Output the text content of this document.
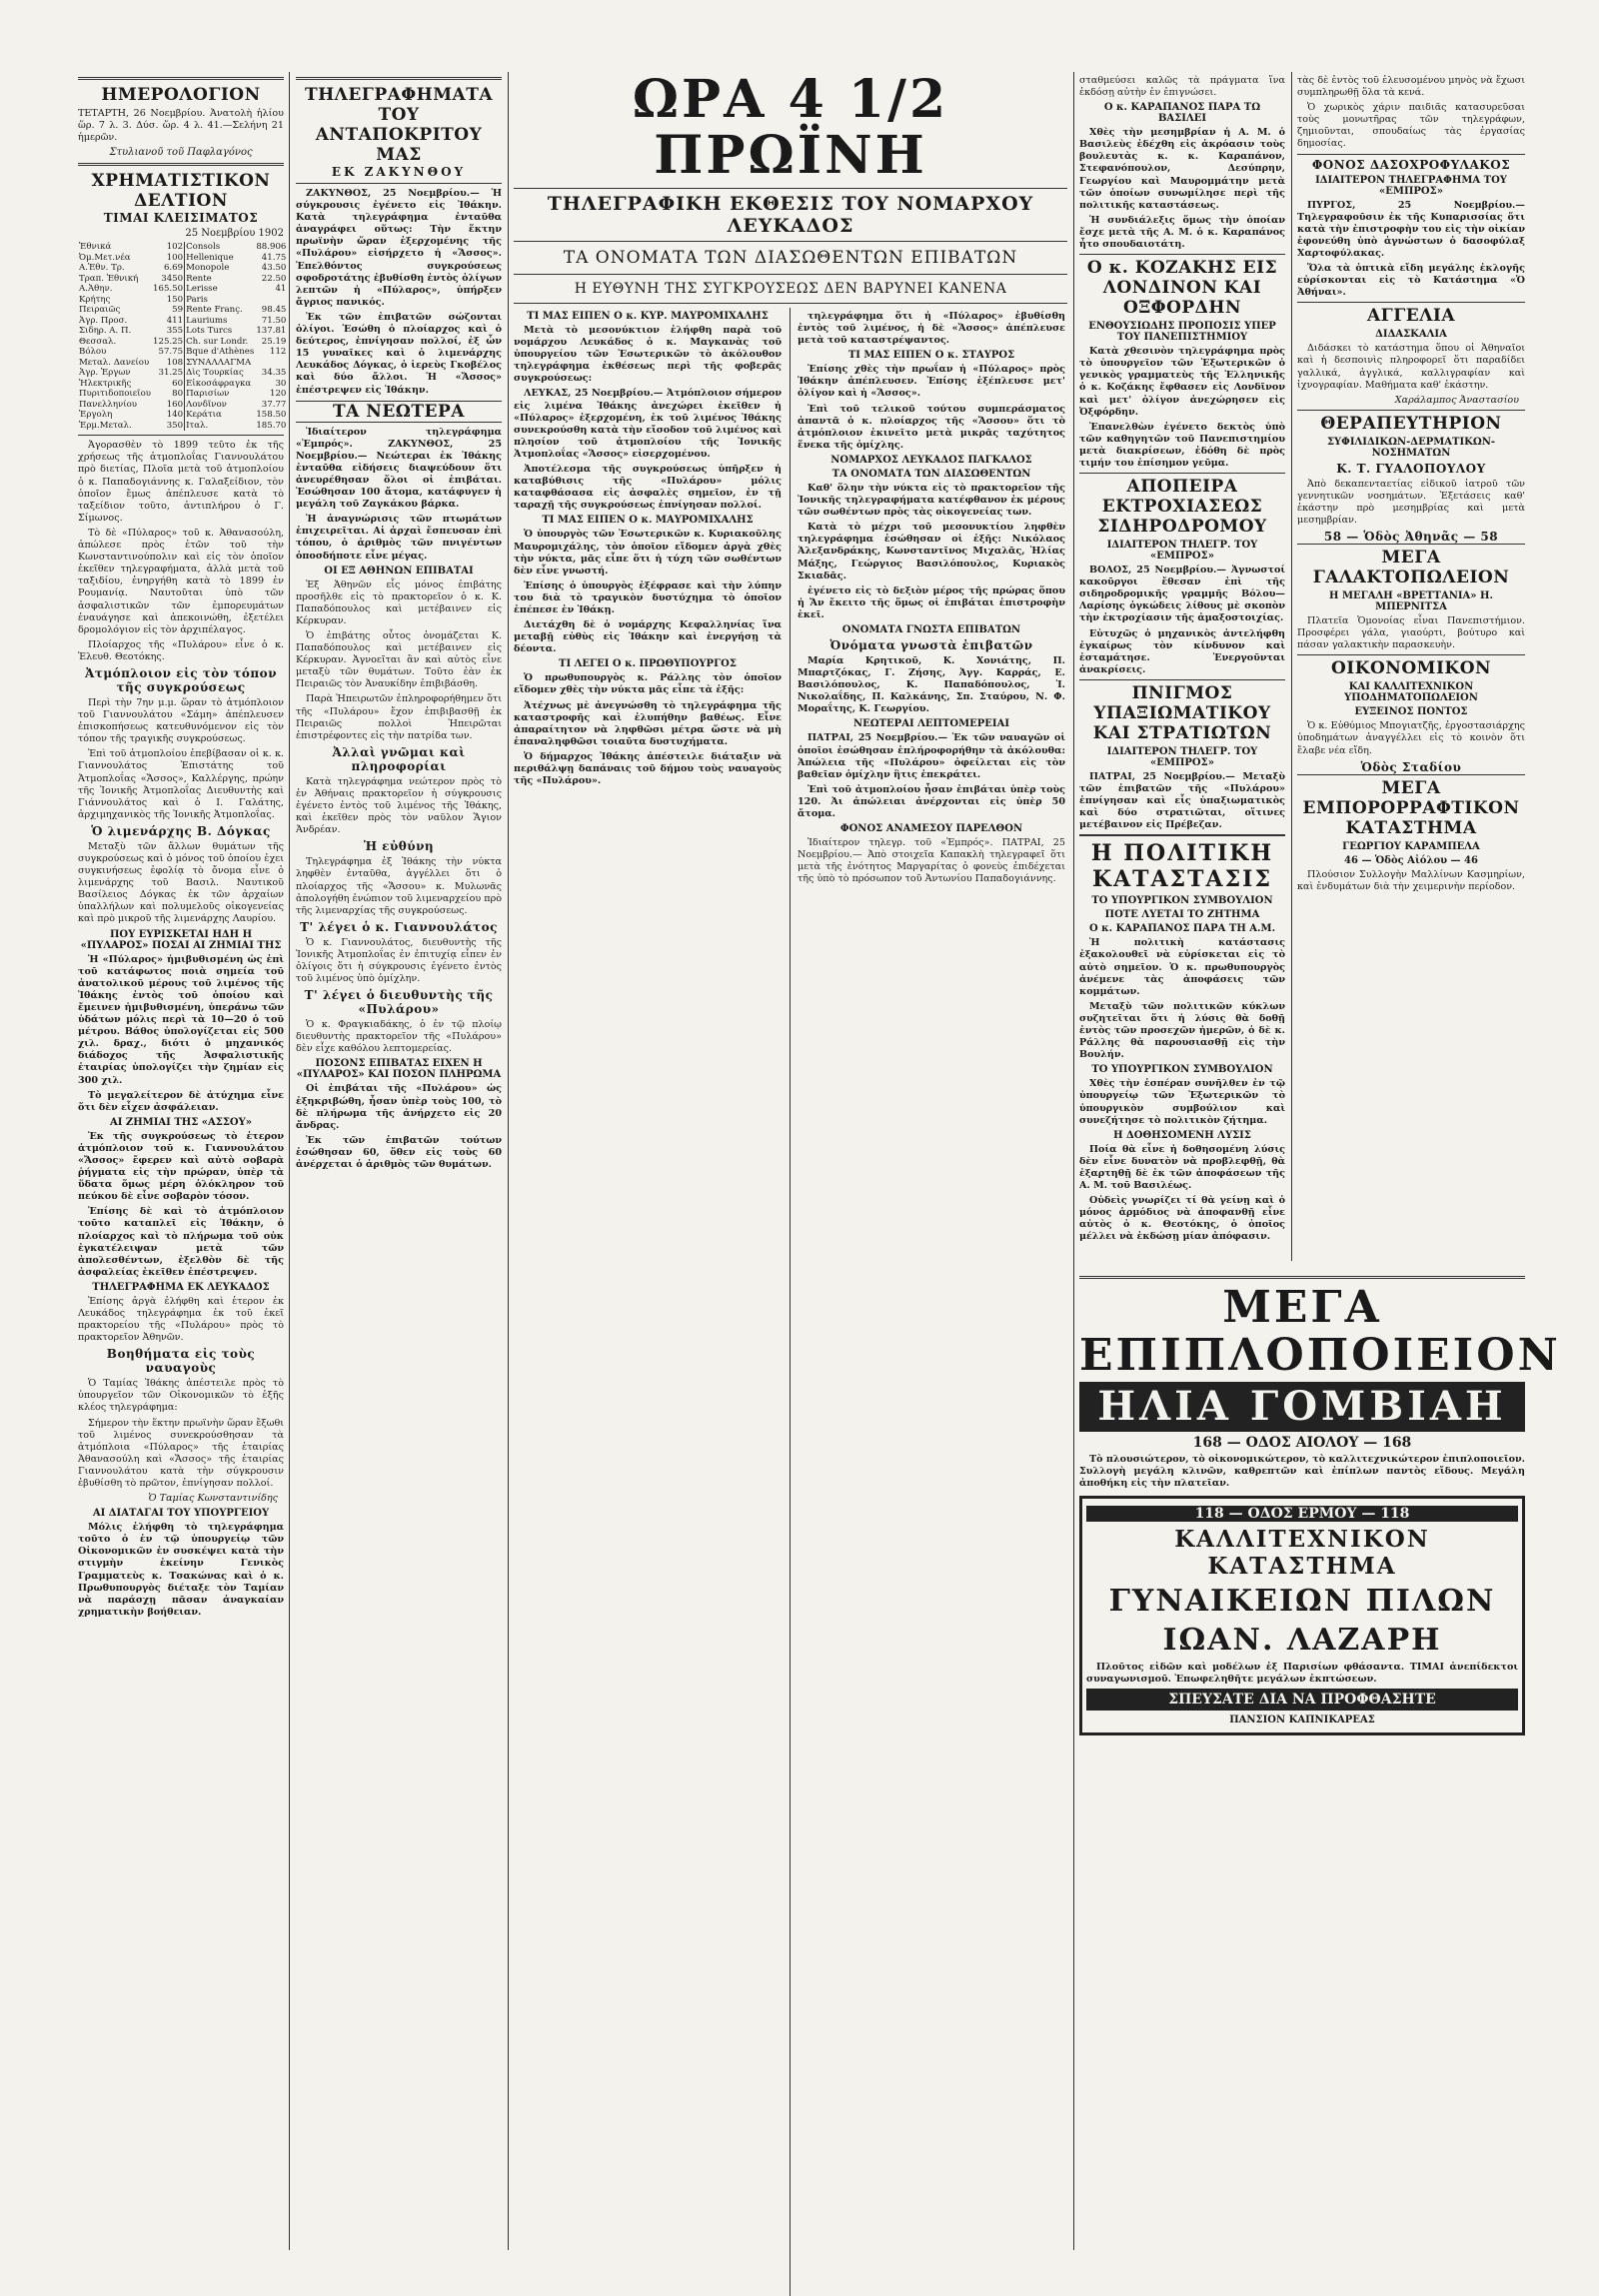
ΗΜΕΡΟΛΟΓΙΟΝ
ΤΕΤΑΡΤΗ, 26 Νοεμβρίου. Ἀνατολὴ ἡλίου ὥρ. 7 λ. 3. Δύσ. ὥρ. 4 λ. 41.—Σελήνη 21 ἡμερῶν.
Στυλιανοῦ τοῦ Παφλαγόνος
ΧΡΗΜΑΤΙΣΤΙΚΟΝ ΔΕΛΤΙΟΝ
ΤΙΜΑΙ ΚΛΕΙΣΙΜΑΤΟΣ
25 Νοεμβρίου 1902
Ἐθνικά	102		Consols	88.906
Ὀμ.Μετ.νέα	100		Hellenique	41.75
Α.Ἐθν. Τρ.	6.69		Monopole	43.50
Τραπ. Ἐθνική	3450		Rente	22.50
Α.Ἀθην.	165.50		Lerisse	41
Κρήτης	150		Paris	
Πειραιῶς	59		Rente Franç.	98.45
Ἀγρ. Προσ.	411		Lauriums	71.50
Σιδηρ. Α. Π.	355		Lots Turcs	137.81
Θεσσαλ.	125.25		Ch. sur Londr.	25.19
Βόλου	57.75		Bque d'Athènes	112
Μεταλ. Δανείου	108		ΣΥΝΑΛΛΑΓΜΑ	
Ἀγρ. Ἐργων	31.25		Δὶς Τουρκίας	34.35
Ἠλεκτρικῆς	60		Εἰκοσάφραγκα	30
Πυριτιδοποιεῖου	80		Παρισίων	120
Πανελληνίου	160		Λονδῖνον	37.77
Ἐργολη	140		Κεράτια	158.50
Ἐρμ.Μεταλ.	350		Ιταλ.	185.70
Ἀγορασθὲν τὸ 1899 τεῦτο ἐκ τῆς χρήσεως τῆς ἀτμοπλοΐας Γιαννουλάτου πρὸ διετίας, Πλοῖα μετὰ τοῦ ἀτμοπλοίου ὁ κ. Παπαδογιάννης κ. Γαλαξείδιον, τὸν ὁποῖον ἔμως ἀπέπλευσε κατὰ τὸ ταξείδιον τοῦτο, ἀντιπλήρου ὁ Γ. Σίμωνος.
Τὸ δὲ «Πύλαρος» τοῦ κ. Ἀθανασούλη, ἀπώλεσε πρὸς ἐτῶν τοῦ τὴν Κωνσταντινούπολιν καὶ εἰς τὸν ὁποῖον ἐκεῖθεν τηλεγραφήματα, ἀλλὰ μετὰ τοῦ ταξιδίου, ἐνηργήθη κατὰ τὸ 1899 ἐν Ρουμανίᾳ. Ναυτοῦται ὑπὸ τῶν ἀσφαλιστικῶν τῶν ἐμπορευμάτων ἐναυάγησε καὶ ἀπεκοινώθη, ἐξετέλει δρομολόγιον εἰς τὸν ἀρχιπέλαγος.
Πλοίαρχος τῆς «Πυλάρου» εἶνε ὁ κ. Ἐλευθ. Θεοτόκης.
Ἀτμόπλοιον εἰς τὸν τόπον τῆς συγκρούσεως
Περὶ τὴν 7ην μ.μ. ὥραν τὸ ἀτμόπλοιον τοῦ Γιαννουλάτου «Σάμη» ἀπέπλευσεν ἐπισκοπήσεως κατευθυνόμενον εἰς τὸν τόπον τῆς τραγικῆς συγκρούσεως.
Ἐπὶ τοῦ ἀτμοπλοίου ἐπεβίβασαν οἱ κ. κ. Γιαννουλάτος Ἐπιστάτης τοῦ Ἀτμοπλοΐας «Ἄσσος», Καλλέργης, πρώην τῆς Ἰονικῆς Ἀτμοπλοΐας Διευθυντὴς καὶ Γιάννουλάτος καὶ ὁ Ι. Γαλάτης, ἀρχιμηχανικὸς τῆς Ἰονικῆς Ἀτμοπλοΐας.
Ὁ λιμενάρχης Β. Δόγκας
Μεταξὺ τῶν ἄλλων θυμάτων τῆς συγκρούσεως καὶ ὁ μόνος τοῦ ὁποίου ἐχει συγκινήσεως ἐφολίᾳ τὸ ὄνομα εἶνε ὁ λιμενάρχης τοῦ Βασιλ. Ναυτικοῦ Βασίλειος Δόγκας ἐκ τῶν ἀρχαίων ὑπαλλήλων καὶ πολυμελοῦς οἰκογενείας καὶ πρὸ μικροῦ τῆς λιμενάρχης Λαυρίου.
ΠΟΥ ΕΥΡΙΣΚΕΤΑΙ ΗΔΗ Η «ΠΥΛΑΡΟΣ» ΠΟΣΑΙ ΑΙ ΖΗΜΙΑΙ ΤΗΣ
Ἡ «Πύλαρος» ἡμιβυθισμένη ὡς ἐπὶ τοῦ κατάφωτος ποιὰ σημεία τοῦ ἀνατολικοῦ μέρους τοῦ λιμένος τῆς Ἰθάκης ἐντὸς τοῦ ὁποίου καὶ ἔμεινεν ἡμιβυθισμένη, ὑπεράνω τῶν ὑδάτων μόλις περὶ τὰ 10—20 ὁ τοῦ μέτρου. Βάθος ὑπολογίζεται εἰς 500 χιλ. δραχ., διότι ὁ μηχανικός διάδοχος τῆς Ἀσφαλιστικῆς ἑταιρίας ὑπολογίζει τὴν ζημίαν εἰς 300 χιλ.
Τὸ μεγαλείτερον δὲ ἀτύχημα εἶνε ὅτι δὲν εἶχεν ἀσφάλειαν.
ΑΙ ΖΗΜΙΑΙ ΤΗΣ «ΑΣΣΟΥ»
Ἐκ τῆς συγκρούσεως τὸ ἑτερον ἀτμόπλοιον τοῦ κ. Γιαννουλάτου «Ἄσσος» ἔφερεν καὶ αὐτὸ σοβαρὰ ῥήγματα εἰς τὴν πρώραν, ὑπὲρ τὰ ὕδατα ὅμως μέρη ὁλόκληρον τοῦ πεύκου δὲ εἶνε σοβαρὸν τόσον.
Ἐπίσης δὲ καὶ τὸ ἀτμόπλοιον τοῦτο καταπλεῖ εἰς Ἰθάκην, ὁ πλοίαρχος καὶ τὸ πλήρωμα τοῦ οὐκ ἐγκατέλειψαν μετὰ τῶν ἀπολεσθέντων, ἐξελθὸν δὲ τῆς ἀσφαλείας ἐκεῖθεν ἐπέστρεψεν.
ΤΗΛΕΓΡΑΦΗΜΑ ΕΚ ΛΕΥΚΑΔΟΣ
Ἐπίσης ἀργὰ ἐλήφθη καὶ ἑτερον ἐκ Λευκάδος τηλεγράφημα ἐκ τοῦ ἐκεῖ πρακτορείου τῆς «Πυλάρου» πρὸς τὸ πρακτορεῖον Ἀθηνῶν.
Βοηθήματα εἰς τοὺς ναυαγοὺς
Ὁ Ταμίας Ἰθάκης ἀπέστειλε πρὸς τὸ ὑπουργεῖον τῶν Οἰκονομικῶν τὸ ἑξῆς κλέος τηλεγράφημα:
Σήμερον τὴν ἕκτην πρωϊνὴν ὥραν ἔξωθι τοῦ λιμένος συνεκρούσθησαν τὰ ἀτμόπλοια «Πύλαρος» τῆς ἑταιρίας Ἀθανασούλη καὶ «Ἄσσος» τῆς ἑταιρίας Γιαννουλάτου κατὰ τὴν σύγκρουσιν ἐβυθίσθη τὸ πρῶτον, ἐπνίγησαν πολλοί.
Ὁ Ταμίας Κωνσταντινίδης
ΑΙ ΔΙΑΤΑΓΑΙ ΤΟΥ ΥΠΟΥΡΓΕΙΟΥ
Μόλις ἐλήφθη τὸ τηλεγράφημα τοῦτο ὁ ἐν τῷ ὑπουργείῳ τῶν Οἰκονομικῶν ἐν συσκέψει κατὰ τὴν στιγμὴν ἐκείνην Γενικὸς Γραμματεὺς κ. Τσακώνας καὶ ὁ κ. Πρωθυπουργὸς διέταξε τὸν Ταμίαν νὰ παράσχῃ πᾶσαν ἀναγκαίαν χρηματικὴν βοήθειαν.
ΤΗΛΕΓΡΑΦΗΜΑΤΑ ΤΟΥ ΑΝΤΑΠΟΚΡΙΤΟΥ ΜΑΣ
ΕΚ ΖΑΚΥΝΘΟΥ
ΖΑΚΥΝΘΟΣ, 25 Νοεμβρίου.— Ἡ σύγκρουσις ἐγένετο εἰς Ἰθάκην. Κατὰ τηλεγράφημα ἐνταῦθα ἀναγράφει οὕτως: Τὴν ἕκτην πρωϊνὴν ὥραν ἐξερχομένης τῆς «Πυλάρου» εἰσήρχετο ἡ «Ἄσσος». Ἐπελθόντος συγκρούσεως σφοδροτάτης ἐβυθίσθη ἐντὸς ὀλίγων λεπτῶν ἡ «Πύλαρος», ὑπήρξεν ἄγριος πανικός.
Ἐκ τῶν ἐπιβατῶν σώζονται ὀλίγοι. Ἐσώθη ὁ πλοίαρχος καὶ ὁ δεύτερος, ἐπνίγησαν πολλοί, ἐξ ὧν 15 γυναῖκες καὶ ὁ λιμενάρχης Λευκάδος Δόγκας, ὁ ἱερεὺς Γκοβέλος καὶ δύο ἄλλοι. Ἡ «Ἄσσος» ἐπέστρεψεν εἰς Ἰθάκην.
ΤΑ ΝΕΩΤΕΡΑ
Ἰδιαίτερον τηλεγράφημα «Ἐμπρός». ΖΑΚΥΝΘΟΣ, 25 Νοεμβρίου.— Νεώτεραι ἐκ Ἰθάκης ἐνταῦθα εἰδήσεις διαψεύδουν ὅτι ἀνευρέθησαν ὅλοι οἱ ἐπιβάται. Ἐσώθησαν 100 ἄτομα, κατάφυγεν ἡ μεγάλη τοῦ Ζαγκάκου βάρκα.
Ἡ ἀναγνώρισις τῶν πτωμάτων ἐπιχειρεῖται. Αἱ ἀρχαὶ ἔσπευσαν ἐπὶ τόπου, ὁ ἀριθμὸς τῶν πνιγέντων ὁποσδήποτε εἶνε μέγας.
ΟΙ ΕΞ ΑΘΗΝΩΝ ΕΠΙΒΑΤΑΙ
Ἐξ Ἀθηνῶν εἷς μόνος ἐπιβάτης προσῆλθε εἰς τὸ πρακτορεῖον ὁ κ. Κ. Παπαδόπουλος καὶ μετέβαινεν εἰς Κέρκυραν.
Ὁ ἐπιβάτης οὗτος ὀνομάζεται Κ. Παπαδόπουλος καὶ μετέβαινεν εἰς Κέρκυραν. Ἀγνοεῖται ἂν καὶ αὐτὸς εἶνε μεταξὺ τῶν θυμάτων. Τοῦτο ἐὰν ἐκ Πειραιῶς τὸν Ἀναυκίδην ἐπιβιβάσθη.
Παρὰ Ἠπειρωτῶν ἐπληροφορήθημεν ὅτι τῆς «Πυλάρου» ἔχον ἐπιβιβασθῇ ἐκ Πειραιῶς πολλοὶ Ἠπειρῶται ἐπιστρέφοντες εἰς τὴν πατρίδα των.
Ἀλλαὶ γνῶμαι καὶ πληροφορίαι
Κατὰ τηλεγράφημα νεώτερον πρὸς τὸ ἐν Ἀθήναις πρακτορεῖον ἡ σύγκρουσις ἐγένετο ἐντὸς τοῦ λιμένος τῆς Ἰθάκης, καὶ ἐκεῖθεν πρὸς τὸν ναῦλον Ἅγιον Ἀνδρέαν.
Ἡ εὐθύνη
Τηλεγράφημα ἐξ Ἰθάκης τὴν νύκτα ληφθὲν ἐνταῦθα, ἀγγέλλει ὅτι ὁ πλοίαρχος τῆς «Ἄσσου» κ. Μυλωνᾶς ἀπολογήθη ἐνώπιον τοῦ λιμεναρχείου πρὸ τῆς λιμεναρχίας τῆς συγκρούσεως.
Τ' λέγει ὁ κ. Γιαννουλάτος
Ὁ κ. Γιαννουλάτος, διευθυντὴς τῆς Ἰονικῆς Ἀτμοπλοΐας ἐν ἐπιτυχίᾳ εἶπεν ἐν ὀλίγοις ὅτι ἡ σύγκρουσις ἐγένετο ἐντὸς τοῦ λιμένος ὑπὸ ὁμίχλην.
Τ' λέγει ὁ διευθυντὴς τῆς «Πυλάρου»
Ὁ κ. Φραγκιαδάκης, ὁ ἐν τῷ πλοίῳ διευθυντὴς πρακτορεῖον τῆς «Πυλάρου» δὲν εἶχε καθόλου λεπτομερείας.
ΠΟΣΟΝΣ ΕΠΙΒΑΤΑΣ ΕΙΧΕΝ Η «ΠΥΛΑΡΟΣ» ΚΑΙ ΠΟΣΟΝ ΠΛΗΡΩΜΑ
Οἱ ἐπιβάται τῆς «Πυλάρου» ὡς ἐξηκριβώθη, ἦσαν ὑπὲρ τοὺς 100, τὸ δὲ πλήρωμα τῆς ἀνήρχετο εἰς 20 ἄνδρας.
Ἐκ τῶν ἐπιβατῶν τούτων ἐσώθησαν 60, ὅθεν εἰς τοὺς 60 ἀνέρχεται ὁ ἀριθμὸς τῶν θυμάτων.
ΩΡΑ 4 1/2 ΠΡΩΪΝΗ
ΤΗΛΕΓΡΑΦΙΚΗ ΕΚΘΕΣΙΣ ΤΟΥ ΝΟΜΑΡΧΟΥ ΛΕΥΚΑΔΟΣ
ΤΑ ΟΝΟΜΑΤΑ ΤΩΝ ΔΙΑΣΩΘΕΝΤΩΝ ΕΠΙΒΑΤΩΝ
Η ΕΥΘΥΝΗ ΤΗΣ ΣΥΓΚΡΟΥΣΕΩΣ ΔΕΝ ΒΑΡΥΝΕΙ ΚΑΝΕΝΑ
ΤΙ ΜΑΣ ΕΙΠΕΝ Ο κ. ΚΥΡ. ΜΑΥΡΟΜΙΧΑΛΗΣ
Μετὰ τὸ μεσονύκτιον ἐλήφθη παρὰ τοῦ νομάρχου Λευκάδος ὁ κ. Μαγκανὰς τοῦ ὑπουργείου τῶν Ἐσωτερικῶν τὸ ἀκόλουθον τηλεγράφημα ἐκθέσεως περὶ τῆς φοβερᾶς συγκρούσεως:
ΛΕΥΚΑΣ, 25 Νοεμβρίου.— Ἀτμόπλοιον σήμερον εἰς λιμένα Ἰθάκης ἀνεχώρει ἐκεῖθεν ἡ «Πύλαρος» ἐξερχομένη, ἐκ τοῦ λιμένος Ἰθάκης συνεκρούσθη κατὰ τὴν εἴσοδον τοῦ λιμένος καὶ πλησίον τοῦ ἀτμοπλοίου τῆς Ἰονικῆς Ἀτμοπλοΐας «Ἄσσος» εἰσερχομένου.
Ἀποτέλεσμα τῆς συγκρούσεως ὑπῆρξεν ἡ καταβύθισις τῆς «Πυλάρου» μόλις καταφθάσασα εἰς ἀσφαλὲς σημεῖον, ἐν τῇ ταραχῇ τῆς συγκρούσεως ἐπνίγησαν πολλοί.
ΤΙ ΜΑΣ ΕΙΠΕΝ Ο κ. ΜΑΥΡΟΜΙΧΑΛΗΣ
Ὁ ὑπουργὸς τῶν Ἐσωτερικῶν κ. Κυριακοῦλης Μαυρομιχάλης, τὸν ὁποῖον εἴδομεν ἀργὰ χθὲς τὴν νύκτα, μᾶς εἶπε ὅτι ἡ τύχη τῶν σωθέντων δὲν εἶνε γνωστή.
Ἐπίσης ὁ ὑπουργὸς ἐξέφρασε καὶ τὴν λύπην του διὰ τὸ τραγικὸν δυστύχημα τὸ ὁποῖον ἐπέπεσε ἐν Ἰθάκῃ.
Διετάχθη δὲ ὁ νομάρχης Κεφαλληνίας ἵνα μεταβῇ εὐθὺς εἰς Ἰθάκην καὶ ἐνεργήσῃ τὰ δέοντα.
ΤΙ ΛΕΓΕΙ Ο κ. ΠΡΩΘΥΠΟΥΡΓΟΣ
Ὁ πρωθυπουργὸς κ. Ράλλης τὸν ὁποῖον εἴδομεν χθὲς τὴν νύκτα μᾶς εἶπε τὰ ἑξῆς:
Ἀτέχνως μὲ ἀνεγνώσθη τὸ τηλεγράφημα τῆς καταστροφῆς καὶ ἐλυπήθην βαθέως. Εἶνε ἀπαραίτητον νὰ ληφθῶσι μέτρα ὥστε νὰ μὴ ἐπαναληφθῶσι τοιαῦτα δυστυχήματα.
Ὁ δήμαρχος Ἰθάκης ἀπέστειλε διάταξιν νὰ περιθάλψῃ δαπάναις τοῦ δήμου τοὺς ναυαγοὺς τῆς «Πυλάρου».
τηλεγράφημα ὅτι ἡ «Πύλαρος» ἐβυθίσθη ἐντὸς τοῦ λιμένος, ἡ δὲ «Ἄσσος» ἀπέπλευσε μετὰ τοῦ καταστρέψαντος.
ΤΙ ΜΑΣ ΕΙΠΕΝ Ο κ. ΣΤΑΥΡΟΣ
Ἐπίσης χθὲς τὴν πρωΐαν ἡ «Πύλαρος» πρὸς Ἰθάκην ἀπέπλευσεν. Ἐπίσης ἐξέπλευσε μετ' ὀλίγον καὶ ἡ «Ἄσσος».
Ἐπὶ τοῦ τελικοῦ τούτου συμπεράσματος ἀπαντᾶ ὁ κ. πλοίαρχος τῆς «Ἄσσου» ὅτι τὸ ἀτμόπλοιον ἐκινεῖτο μετὰ μικρᾶς ταχύτητος ἕνεκα τῆς ὁμίχλης.
ΝΟΜΑΡΧΟΣ ΛΕΥΚΑΔΟΣ ΠΑΓΚΑΛΟΣ
ΤΑ ΟΝΟΜΑΤΑ ΤΩΝ ΔΙΑΣΩΘΕΝΤΩΝ
Καθ' ὅλην τὴν νύκτα εἰς τὸ πρακτορεῖον τῆς Ἰονικῆς τηλεγραφήματα κατέφθανον ἐκ μέρους τῶν σωθέντων πρὸς τὰς οἰκογενείας των.
Κατὰ τὸ μέχρι τοῦ μεσονυκτίου ληφθὲν τηλεγράφημα ἐσώθησαν οἱ ἑξῆς: Νικόλαος Ἀλεξανδράκης, Κωνσταντῖνος Μιχαλᾶς, Ἠλίας Μάξης, Γεώργιος Βασιλόπουλος, Κυριακὸς Σκιαδᾶς.
ἐγένετο εἰς τὸ δεξιὸν μέρος τῆς πρώρας ὅπου ἡ Ἄν ἔκειτο τῆς ὅμως οἱ ἐπιβάται ἐπιστροφὴν ἐκεῖ.
ΟΝΟΜΑΤΑ ΓΝΩΣΤΑ ΕΠΙΒΑΤΩΝ
Ὀνόματα γνωστὰ ἐπιβατῶν
Μαρία Κρητικοῦ, Κ. Χονιάτης, Π. Μπαρτζόκας, Γ. Ζήσης, Ἀγγ. Καρράς, Ε. Βασιλόπουλος, Κ. Παπαδόπουλος, Ἰ. Νικολαΐδης, Π. Καλκάνης, Σπ. Σταύρου, Ν. Φ. Μοραΐτης, Κ. Γεωργίου.
ΝΕΩΤΕΡΑΙ ΛΕΠΤΟΜΕΡΕΙΑΙ
ΠΑΤΡΑΙ, 25 Νοεμβρίου.— Ἐκ τῶν ναυαγῶν οἱ ὁποῖοι ἐσώθησαν ἐπλήροφορήθην τὰ ἀκόλουθα: Ἀπώλεια τῆς «Πυλάρου» ὀφείλεται εἰς τὸν βαθεῖαν ὁμίχλην ἣτις ἐπεκράτει.
Ἐπὶ τοῦ ἀτμοπλοίου ἦσαν ἐπιβάται ὑπὲρ τοὺς 120. Ἀι ἀπώλειαι ἀνέρχονται εἰς ὑπὲρ 50 ἄτομα.
ΦΟΝΟΣ ΑΝΑΜΕΣΟΥ ΠΑΡΕΛΘΟΝ
Ἰδιαίτερον τηλεγρ. τοῦ «Ἐμπρός». ΠΑΤΡΑΙ, 25 Νοεμβρίου.— Ἀπὸ στοιχεῖα Καπακλὴ τηλεγραφεῖ ὅτι μετὰ τῆς ἐνότητος Μαργαρίτας ὁ φονεὺς ἐπιδέχεται τῆς ὑπὸ τὸ πρόσωπον τοῦ Ἀντωνίου Παπαδογιάννης.
σταθμεύσει καλῶς τὰ πράγματα ἵνα ἐκδόσῃ αὐτὴν ἐν ἐπιγνώσει.
Ο κ. ΚΑΡΑΠΑΝΟΣ ΠΑΡΑ ΤΩ ΒΑΣΙΛΕΙ
Χθὲς τὴν μεσημβρίαν ἡ Α. Μ. ὁ Βασιλεὺς ἐδέχθη εἰς ἀκρόασιν τοὺς βουλευτὰς κ. κ. Καραπάνον, Στεφανόπουλον, Δεσύπρην, Γεωργίου καὶ Μαυρομμάτην μετὰ τῶν ὁποίων συνωμίλησε περὶ τῆς πολιτικῆς καταστάσεως.
Ἡ συνδιάλεξις ὅμως τὴν ὁποίαν ἔσχε μετὰ τῆς Α. Μ. ὁ κ. Καραπάνος ἦτο σπουδαιοτάτη.
Ο κ. ΚΟΖΑΚΗΣ ΕΙΣ ΛΟΝΔΙΝΟΝ ΚΑΙ ΟΞΦΟΡΔΗΝ
ΕΝΘΟΥΣΙΩΔΗΣ ΠΡΟΠΟΣΙΣ ΥΠΕΡ ΤΟΥ ΠΑΝΕΠΙΣΤΗΜΙΟΥ
Κατὰ χθεσινὸν τηλεγράφημα πρὸς τὸ ὑπουργεῖον τῶν Ἐξωτερικῶν ὁ γενικὸς γραμματεὺς τῆς Ἑλληνικῆς ὁ κ. Κοζάκης ἔφθασεν εἰς Λονδῖνον καὶ μετ' ὀλίγον ἀνεχώρησεν εἰς Ὀξφόρδην.
Ἐπανελθὼν ἐγένετο δεκτὸς ὑπὸ τῶν καθηγητῶν τοῦ Πανεπιστημίου μετὰ διακρίσεων, ἐδόθη δὲ πρὸς τιμήν του ἐπίσημον γεῦμα.
ΑΠΟΠΕΙΡΑ ΕΚΤΡΟΧΙΑΣΕΩΣ ΣΙΔΗΡΟΔΡΟΜΟΥ
ΙΔΙΑΙΤΕΡΟΝ ΤΗΛΕΓΡ. ΤΟΥ «ΕΜΠΡΟΣ»
ΒΟΛΟΣ, 25 Νοεμβρίου.— Ἀγνωστοί κακοῦργοι ἔθεσαν ἐπὶ τῆς σιδηροδρομικῆς γραμμῆς Βόλου—Λαρίσης ὀγκώδεις λίθους μὲ σκοπὸν τὴν ἐκτροχίασιν τῆς ἀμαξοστοιχίας.
Εὐτυχῶς ὁ μηχανικὸς ἀντελήφθη ἐγκαίρως τὸν κίνδυνον καὶ ἐσταμάτησε. Ἐνεργοῦνται ἀνακρίσεις.
ΠΝΙΓΜΟΣ ΥΠΑΞΙΩΜΑΤΙΚΟΥ ΚΑΙ ΣΤΡΑΤΙΩΤΩΝ
ΙΔΙΑΙΤΕΡΟΝ ΤΗΛΕΓΡ. ΤΟΥ «ΕΜΠΡΟΣ»
ΠΑΤΡΑΙ, 25 Νοεμβρίου.— Μεταξὺ τῶν ἐπιβατῶν τῆς «Πυλάρου» ἐπνίγησαν καὶ εἷς ὑπαξιωματικὸς καὶ δύο στρατιῶται, οἵτινες μετέβαινον εἰς Πρέβεζαν.
Η ΠΟΛΙΤΙΚΗ ΚΑΤΑΣΤΑΣΙΣ
ΤΟ ΥΠΟΥΡΓΙΚΟΝ ΣΥΜΒΟΥΛΙΟΝ
ΠΟΤΕ ΛΥΕΤΑΙ ΤΟ ΖΗΤΗΜΑ
Ο κ. ΚΑΡΑΠΑΝΟΣ ΠΑΡΑ ΤΗ Α.Μ.
Ἡ πολιτικὴ κατάστασις ἐξακολουθεῖ νὰ εὑρίσκεται εἰς τὸ αὐτὸ σημεῖον. Ὁ κ. πρωθυπουργὸς ἀνέμενε τὰς ἀποφάσεις τῶν κομμάτων.
Μεταξὺ τῶν πολιτικῶν κύκλων συζητεῖται ὅτι ἡ λύσις θὰ δοθῇ ἐντὸς τῶν προσεχῶν ἡμερῶν, ὁ δὲ κ. Ράλλης θὰ παρουσιασθῇ εἰς τὴν Βουλήν.
ΤΟ ΥΠΟΥΡΓΙΚΟΝ ΣΥΜΒΟΥΛΙΟΝ
Χθὲς τὴν ἑσπέραν συνῆλθεν ἐν τῷ ὑπουργείῳ τῶν Ἐξωτερικῶν τὸ ὑπουργικὸν συμβούλιον καὶ συνεζήτησε τὸ πολιτικὸν ζήτημα.
Η ΔΟΘΗΣΟΜΕΝΗ ΛΥΣΙΣ
Ποία θὰ εἶνε ἡ δοθησομένη λύσις δὲν εἶνε δυνατὸν νὰ προβλεφθῇ, θὰ ἐξαρτηθῇ δὲ ἐκ τῶν ἀποφάσεων τῆς Α. Μ. τοῦ Βασιλέως.
Οὐδεὶς γνωρίζει τί θὰ γείνῃ καὶ ὁ μόνος ἁρμόδιος νὰ ἀποφανθῇ εἶνε αὐτὸς ὁ κ. Θεοτόκης, ὁ ὁποῖος μέλλει νὰ ἐκδώσῃ μίαν ἀπόφασιν.
τὰς δὲ ἐντὸς τοῦ ἐλευσομένου μηνὸς νὰ ἔχωσι συμπληρωθῇ ὅλα τὰ κενά.
Ὁ χωρικὸς χάριν παιδιᾶς κατασυρεῦσαι τοὺς μονωτῆρας τῶν τηλεγράφων, ζημιοῦνται, σπουδαίως τὰς ἐργασίας δημοσίας.
ΦΟΝΟΣ ΔΑΣΟΧΡΟΦΥΛΑΚΟΣ
ΙΔΙΑΙΤΕΡΟΝ ΤΗΛΕΓΡΑΦΗΜΑ ΤΟΥ «ΕΜΠΡΟΣ»
ΠΥΡΓΟΣ, 25 Νοεμβρίου.— Τηλεγραφοῦσιν ἐκ τῆς Κυπαρισσίας ὅτι κατὰ τὴν ἐπιστροφὴν του εἰς τὴν οἰκίαν ἐφονεύθη ὑπὸ ἀγνώστων ὁ δασοφύλαξ Χαρτοφύλακας.
Ὅλα τὰ ὀπτικὰ εἴδη μεγάλης ἐκλογῆς εὑρίσκονται εἰς τὸ Κατάστημα «Ὁ Ἀθήναι».
ΑΓΓΕΛΙΑ
ΔΙΔΑΣΚΑΛΙΑ
Διδάσκει τὸ κατάστημα ὅπου οἱ Ἀθηναῖοι καὶ ἡ δεσποινὶς πληροφορεῖ ὅτι παραδίδει γαλλικά, ἀγγλικά, καλλιγραφίαν καὶ ἰχνογραφίαν. Μαθήματα καθ' ἑκάστην.
Χαράλαμπος Ἀναστασίου
ΘΕΡΑΠΕΥΤΗΡΙΟΝ
ΣΥΦΙΛΙΔΙΚΩΝ-ΔΕΡΜΑΤΙΚΩΝ-ΝΟΣΗΜΑΤΩΝ
Κ. Τ. ΓΥΑΛΟΠΟΥΛΟΥ
Ἀπὸ δεκαπενταετίας εἰδικοῦ ἰατροῦ τῶν γεννητικῶν νοσημάτων. Ἐξετάσεις καθ' ἑκάστην πρὸ μεσημβρίας καὶ μετὰ μεσημβρίαν.
58 — Ὁδὸς Ἀθηνᾶς — 58
ΜΕΓΑ ΓΑΛΑΚΤΟΠΩΛΕΙΟΝ
Η ΜΕΓΑΛΗ «ΒΡΕΤΤΑΝΙΑ» Η. ΜΠΕΡΝΙΤΣΑ
Πλατεῖα Ὁμονοίας εἶναι Πανεπιστήμιον. Προσφέρει γάλα, γιαούρτι, βούτυρο καὶ πάσαν γαλακτικὴν παρασκευὴν.
ΟΙΚΟΝΟΜΙΚΟΝ
ΚΑΙ ΚΑΛΛΙΤΕΧΝΙΚΟΝ ΥΠΟΔΗΜΑΤΟΠΩΛΕΙΟΝ
ΕΥΞΕΙΝΟΣ ΠΟΝΤΟΣ
Ὁ κ. Εὐθύμιος Μπογιατζῆς, ἐργοστασιάρχης ὑποδημάτων ἀναγγέλλει εἰς τὸ κοινὸν ὅτι ἔλαβε νέα εἴδη.
Ὁδὸς Σταδίου
ΜΕΓΑ ΕΜΠΟΡΟΡΡΑΦΤΙΚΟΝ ΚΑΤΑΣΤΗΜΑ
ΓΕΩΡΓΙΟΥ ΚΑΡΑΜΠΕΛΑ
46 — Ὁδὸς Αἰόλου — 46
Πλούσιον Συλλογὴν Μαλλίνων Κασμηρίων, καὶ ἐνδυμάτων διὰ τὴν χειμερινὴν περίοδον.
ΜΕΓΑ ΕΠΙΠΛΟΠΟΙΕΙΟΝ
ΗΛΙΑ ΓΟΜΒΙΑΗ
168 — ΟΔΟΣ ΑΙΟΛΟΥ — 168
Τὸ πλουσιώτερον, τὸ οἰκονομικώτερον, τὸ καλλιτεχνικώτερον ἐπιπλοποιεῖον. Συλλογὴ μεγάλη κλινῶν, καθρεπτῶν καὶ ἐπίπλων παντὸς εἴδους. Μεγάλη ἀποθήκη εἰς τὴν πλατεῖαν.
118 — ΟΔΟΣ ΕΡΜΟΥ — 118
ΚΑΛΛΙΤΕΧΝΙΚΟΝ ΚΑΤΑΣΤΗΜΑ
ΓΥΝΑΙΚΕΙΩΝ ΠΙΛΩΝ
ΙΩΑΝ. ΛΑΖΑΡΗ
Πλοῦτος εἰδῶν καὶ μοδέλων ἐξ Παρισίων φθάσαντα. ΤΙΜΑΙ ἀνεπίδεκτοι συναγωνισμοῦ. Ἐπωφεληθῆτε μεγάλων ἐκπτώσεων.
ΣΠΕΥΣΑΤΕ ΔΙΑ ΝΑ ΠΡΟΦΘΑΣΗΤΕ
ΠΑΝΣΙΟΝ ΚΑΠΝΙΚΑΡΕΑΣ
